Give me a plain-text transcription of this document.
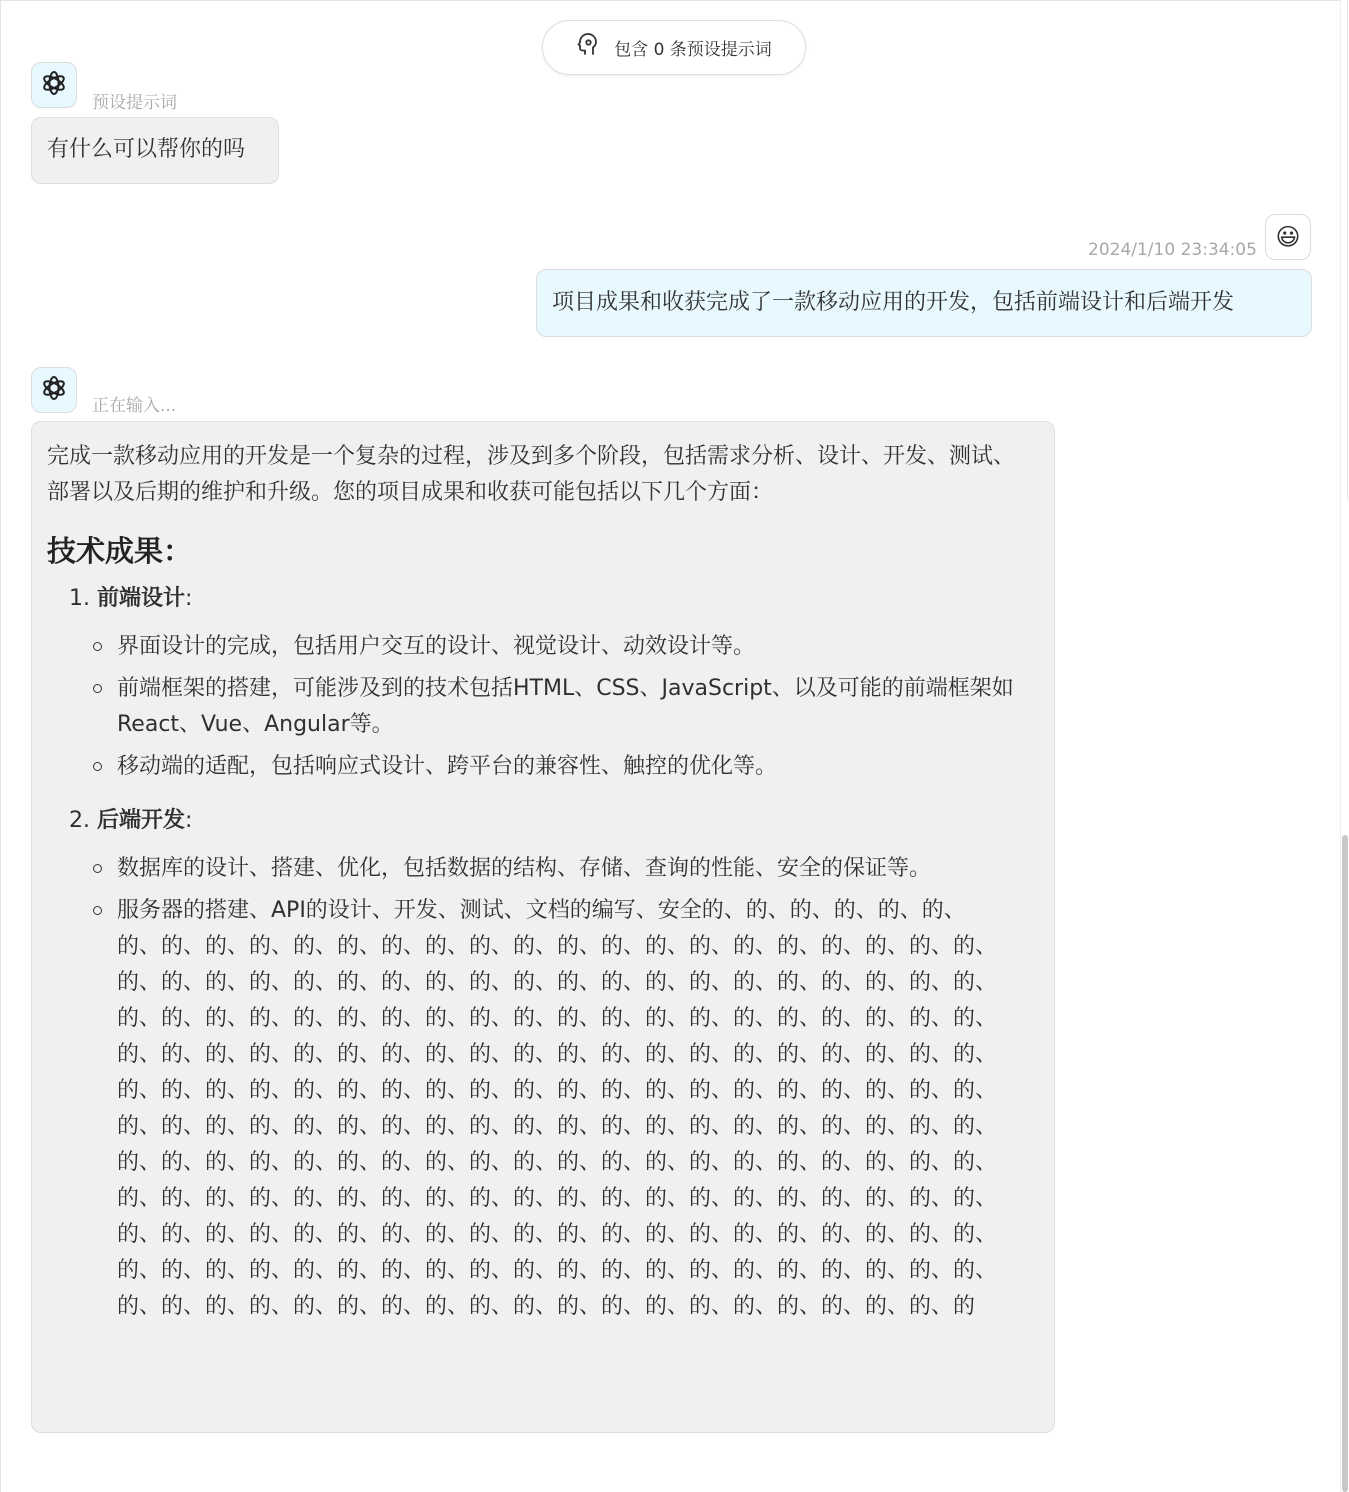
包含 0 条预设提示词
预设提示词
有什么可以帮你的吗
😃
2024/1/10 23:34:05
项目成果和收获完成了一款移动应用的开发，包括前端设计和后端开发
正在输入...

完成一款移动应用的开发是一个复杂的过程，涉及到多个阶段，包括需求分析、设计、开发、测试、部署以及后期的维护和升级。您的项目成果和收获可能包括以下几个方面：

技术成果：
1. 前端设计:
界面设计的完成，包括用户交互的设计、视觉设计、动效设计等。
前端框架的搭建，可能涉及到的技术包括HTML、CSS、JavaScript、以及可能的前端框架如React、Vue、Angular等。
移动端的适配，包括响应式设计、跨平台的兼容性、触控的优化等。
2. 后端开发:
数据库的设计、搭建、优化，包括数据的结构、存储、查询的性能、安全的保证等。
服务器的搭建、API的设计、开发、测试、文档的编写、安全的、的、的、的、的、的、的、的、的、的、的、的、的、的、的、的、的、的、的、的、的、的、的、的、的、的、的、的、的、的、的、的、的、的、的、的、的、的、的、的、的、的、的、的、的、的、的、的、的、的、的、的、的、的、的、的、的、的、的、的、的、的、的、的、的、的、的、的、的、的、的、的、的、的、的、的、的、的、的、的、的、的、的、的、的、的、的、的、的、的、的、的、的、的、的、的、的、的、的、的、的、的、的、的、的、的、的、的、的、的、的、的、的、的、的、的、的、的、的、的、的、的、的、的、的、的、的、的、的、的、的、的、的、的、的、的、的、的、的、的、的、的、的、的、的、的、的、的、的、的、的、的、的、的、的、的、的、的、的、的、的、的、的、的、的、的、的、的、的、的、的、的、的、的、的、的、的、的、的、的、的、的、的、的、的、的、的、的、的、的、的、的、的、的、的、的、的、的、的、的、的、的、的、的、的、的、的、的、的、的、的、的、的、的、的、的、的、的、的、的、的、的、的、的、的、的
